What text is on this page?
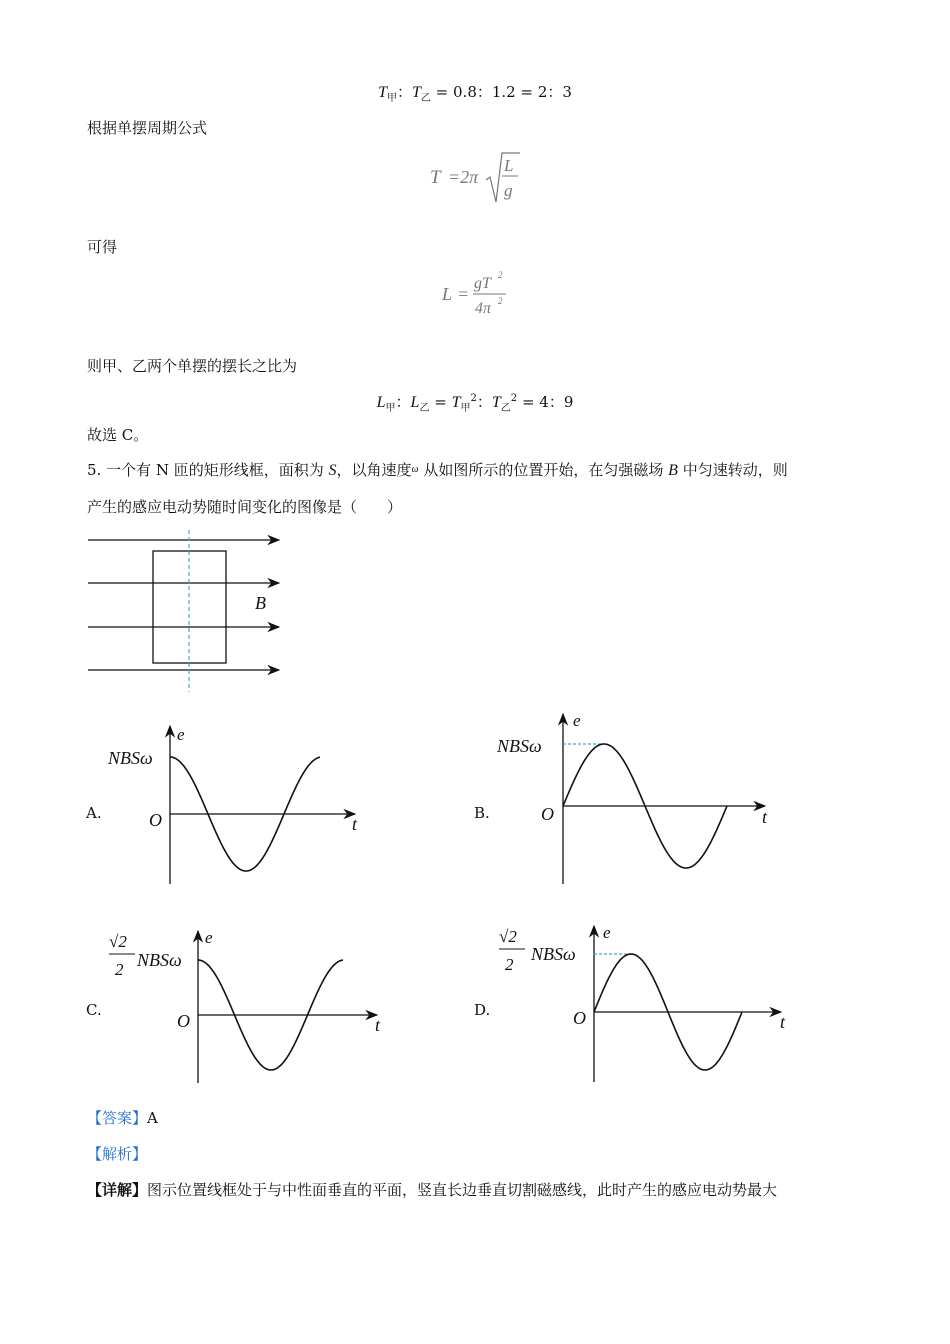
$T_甲$：$T_乙 = 0.8$：1.2 = 2：3
根据单摆周期公式
T =2π
L
g
可得
L =
gT 2
4π 2
则甲、乙两个单摆的摆长之比为
$L_甲$：$L_乙 = T_甲^2$：$T_乙^2 = 4$：9
故选 C。
5. 一个有 N 匝的矩形线框，面积为 S，以角速度$^\omega$ 从如图所示的位置开始，在匀强磁场 B 中匀速转动，则
产生的感应电动势随时间变化的图像是（　　）
B
A.
NBSω
e
t
O	B.
NBSω
e
t
O
C.
√2
2 NBSω
e
t
O
D.
√2
2
NBSω
e
t
O
【答案】A
【解析】
【详解】图示位置线框处于与中性面垂直的平面，竖直长边垂直切割磁感线，此时产生的感应电动势最大
